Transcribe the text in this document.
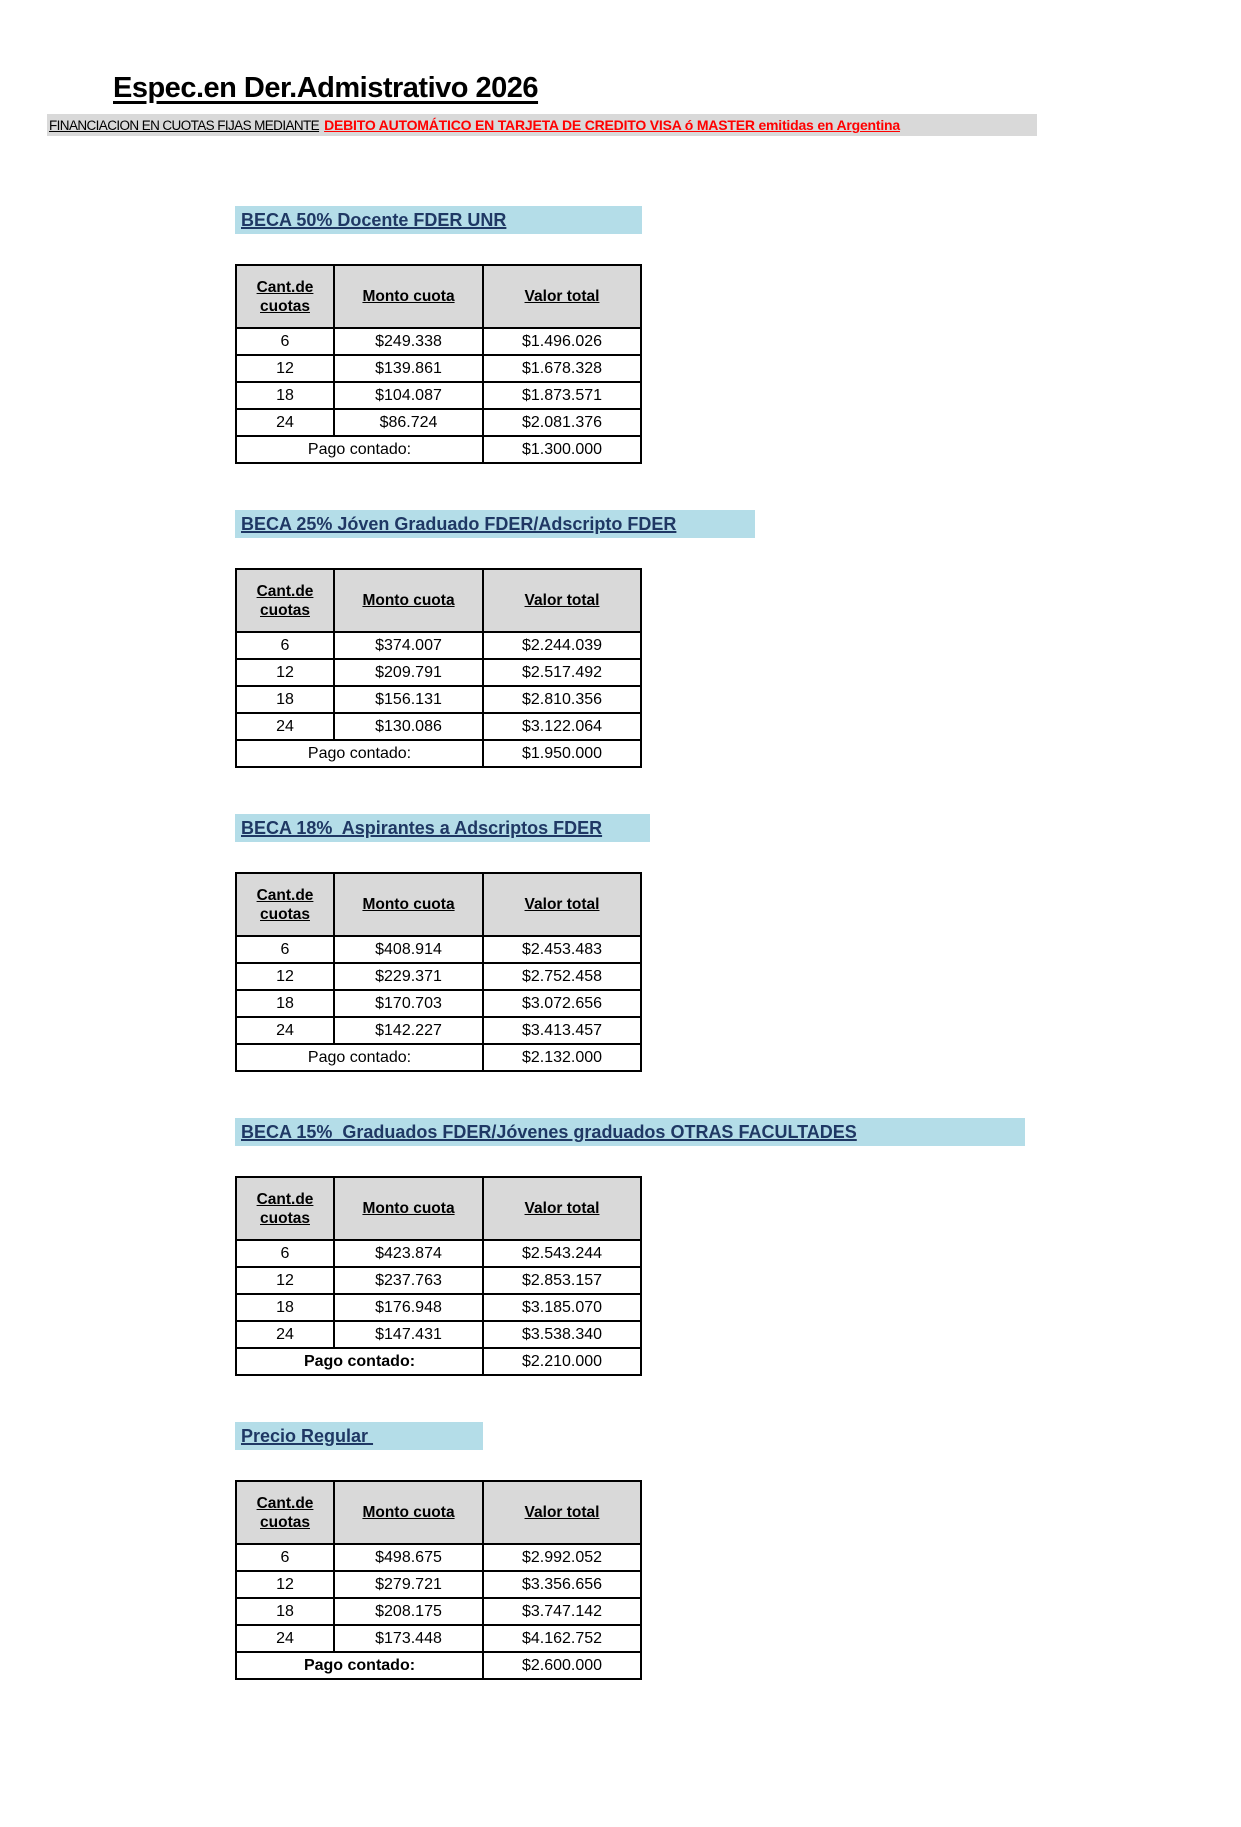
Espec.en Der.Admistrativo 2026
FINANCIACION EN CUOTAS FIJAS MEDIANTE DEBITO AUTOMÁTICO EN TARJETA DE CREDITO VISA ó MASTER emitidas en Argentina
BECA 50% Docente FDER UNR
Cant.de
cuotas	Monto cuota	Valor total
6	$249.338	$1.496.026
12	$139.861	$1.678.328
18	$104.087	$1.873.571
24	$86.724	$2.081.376
Pago contado:		$1.300.000
BECA 25% Jóven Graduado FDER/Adscripto FDER
Cant.de
cuotas	Monto cuota	Valor total
6	$374.007	$2.244.039
12	$209.791	$2.517.492
18	$156.131	$2.810.356
24	$130.086	$3.122.064
Pago contado:		$1.950.000
BECA 18%  Aspirantes a Adscriptos FDER
Cant.de
cuotas	Monto cuota	Valor total
6	$408.914	$2.453.483
12	$229.371	$2.752.458
18	$170.703	$3.072.656
24	$142.227	$3.413.457
Pago contado:		$2.132.000
BECA 15%  Graduados FDER/Jóvenes graduados OTRAS FACULTADES
Cant.de
cuotas	Monto cuota	Valor total
6	$423.874	$2.543.244
12	$237.763	$2.853.157
18	$176.948	$3.185.070
24	$147.431	$3.538.340
Pago contado:		$2.210.000
Precio Regular
Cant.de
cuotas	Monto cuota	Valor total
6	$498.675	$2.992.052
12	$279.721	$3.356.656
18	$208.175	$3.747.142
24	$173.448	$4.162.752
Pago contado:		$2.600.000
